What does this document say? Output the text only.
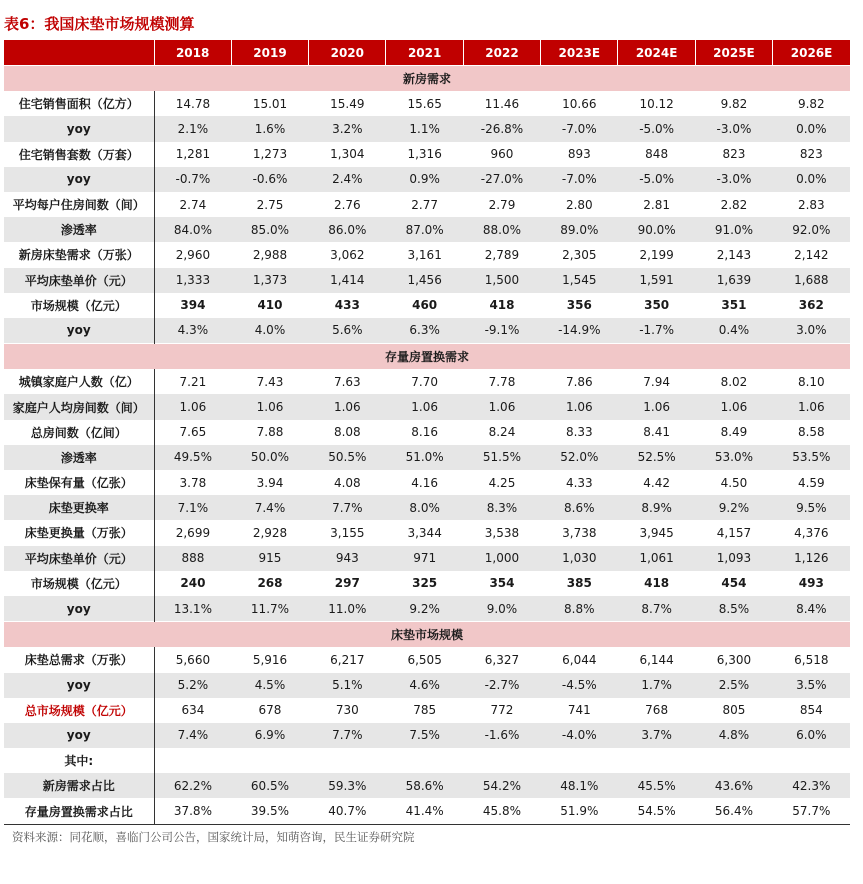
表6：我国床垫市场规模测算
	2018	2019	2020	2021	2022	2023E	2024E	2025E	2026E
新房需求									
住宅销售面积（亿方）	14.78	15.01	15.49	15.65	11.46	10.66	10.12	9.82	9.82
yoy	2.1%	1.6%	3.2%	1.1%	-26.8%	-7.0%	-5.0%	-3.0%	0.0%
住宅销售套数（万套）	1,281	1,273	1,304	1,316	960	893	848	823	823
yoy	-0.7%	-0.6%	2.4%	0.9%	-27.0%	-7.0%	-5.0%	-3.0%	0.0%
平均每户住房间数（间）	2.74	2.75	2.76	2.77	2.79	2.80	2.81	2.82	2.83
渗透率	84.0%	85.0%	86.0%	87.0%	88.0%	89.0%	90.0%	91.0%	92.0%
新房床垫需求（万张）	2,960	2,988	3,062	3,161	2,789	2,305	2,199	2,143	2,142
平均床垫单价（元）	1,333	1,373	1,414	1,456	1,500	1,545	1,591	1,639	1,688
市场规模（亿元）	394	410	433	460	418	356	350	351	362
yoy	4.3%	4.0%	5.6%	6.3%	-9.1%	-14.9%	-1.7%	0.4%	3.0%
存量房置换需求									
城镇家庭户人数（亿）	7.21	7.43	7.63	7.70	7.78	7.86	7.94	8.02	8.10
家庭户人均房间数（间）	1.06	1.06	1.06	1.06	1.06	1.06	1.06	1.06	1.06
总房间数（亿间）	7.65	7.88	8.08	8.16	8.24	8.33	8.41	8.49	8.58
渗透率	49.5%	50.0%	50.5%	51.0%	51.5%	52.0%	52.5%	53.0%	53.5%
床垫保有量（亿张）	3.78	3.94	4.08	4.16	4.25	4.33	4.42	4.50	4.59
床垫更换率	7.1%	7.4%	7.7%	8.0%	8.3%	8.6%	8.9%	9.2%	9.5%
床垫更换量（万张）	2,699	2,928	3,155	3,344	3,538	3,738	3,945	4,157	4,376
平均床垫单价（元）	888	915	943	971	1,000	1,030	1,061	1,093	1,126
市场规模（亿元）	240	268	297	325	354	385	418	454	493
yoy	13.1%	11.7%	11.0%	9.2%	9.0%	8.8%	8.7%	8.5%	8.4%
床垫市场规模									
床垫总需求（万张）	5,660	5,916	6,217	6,505	6,327	6,044	6,144	6,300	6,518
yoy	5.2%	4.5%	5.1%	4.6%	-2.7%	-4.5%	1.7%	2.5%	3.5%
总市场规模（亿元）	634	678	730	785	772	741	768	805	854
yoy	7.4%	6.9%	7.7%	7.5%	-1.6%	-4.0%	3.7%	4.8%	6.0%
其中:									
新房需求占比	62.2%	60.5%	59.3%	58.6%	54.2%	48.1%	45.5%	43.6%	42.3%
存量房置换需求占比	37.8%	39.5%	40.7%	41.4%	45.8%	51.9%	54.5%	56.4%	57.7%
资料来源：同花顺，喜临门公司公告，国家统计局，知萌咨询，民生证券研究院
